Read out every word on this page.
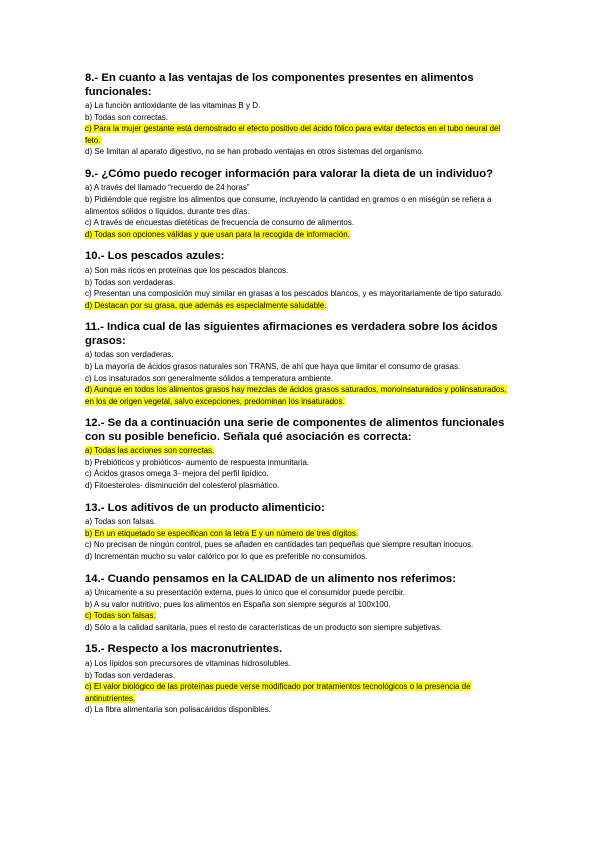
8.- En cuanto a las ventajas de los componentes presentes en alimentos funcionales:
a) La función antioxidante de las vitaminas B y D.
b) Todas son correctas.
c) Para la mujer gestante está demostrado el efecto positivo del ácido fólico para evitar defectos en el tubo neural del feto.
d) Se limitan al aparato digestivo, no se han probado ventajas en otros sistemas del organismo.
9.- ¿Cómo puedo recoger información para valorar la dieta de un individuo?
a) A través del llamado “recuerdo de 24 horas”
b) Pidiéndole que registre los alimentos que consume, incluyendo la cantidad en gramos o en miségún se refiera a alimentos sólidos o líquidos, durante tres días.
c) A través de encuestas dietéticas de frecuencia de consumo de alimentos.
d) Todas son opciones válidas y que usan para la recogida de información.
10.- Los pescados azules:
a) Son más ricos en proteínas que los pescados blancos.
b) Todas son verdaderas.
c) Presentan una composición muy similar en grasas a los pescados blancos, y es mayoritariamente de tipo saturado.
d) Destacan por su grasa, que además es especialmente saludable.
11.- Indica cual de las siguientes afirmaciones es verdadera sobre los ácidos grasos:
a) todas son verdaderas.
b) La mayoría de ácidos grasos naturales son TRANS, de ahí que haya que limitar el consumo de grasas.
c) Los insaturados son generalmente sólidos a temperatura ambiente.
d) Aunque en todos los alimentos grasos hay mezclas de ácidos grasos saturados, monoinsaturados y poliinsaturados, en los de origen vegetal, salvo excepciones, predominan los insaturados.
12.- Se da a continuación una serie de componentes de alimentos funcionales con su posible beneficio. Señala qué asociación es correcta:
a) Todas las acciones son correctas.
b) Prebióticos y probióticos- aumento de respuesta inmunitaria.
c) Ácidos grasos omega 3- mejora del perfil lipídico.
d) Fitoesteroles- disminución del colesterol plasmático.
13.- Los aditivos de un producto alimenticio:
a) Todas son falsas.
b) En un etiquetado se especifican con la letra E y un número de tres dígitos.
c) No precisan de ningún control, pues se añaden en cantidades tan pequeñas que siempre resultan inocuos.
d) Incrementan mucho su valor calórico por lo que es preferible no consumirlos.
14.- Cuando pensamos en la CALIDAD de un alimento nos referimos:
a) Únicamente a su presentación externa, pues lo único que el consumidor puede percibir.
b) A su valor nutritivo, pues los alimentos en España son siempre seguros al 100x100.
c) Todas son falsas.
d) Sólo a la calidad sanitaria, pues el resto de características de un producto son siempre subjetivas.
15.- Respecto a los macronutrientes.
a) Los lípidos son precursores de vitaminas hidrosolubles.
b) Todas son verdaderas.
c) El valor biológico de las proteínas puede verse modificado por tratamientos tecnológicos o la presencia de antinutrientes.
d) La fibra alimentaria son polisacáridos disponibles.
